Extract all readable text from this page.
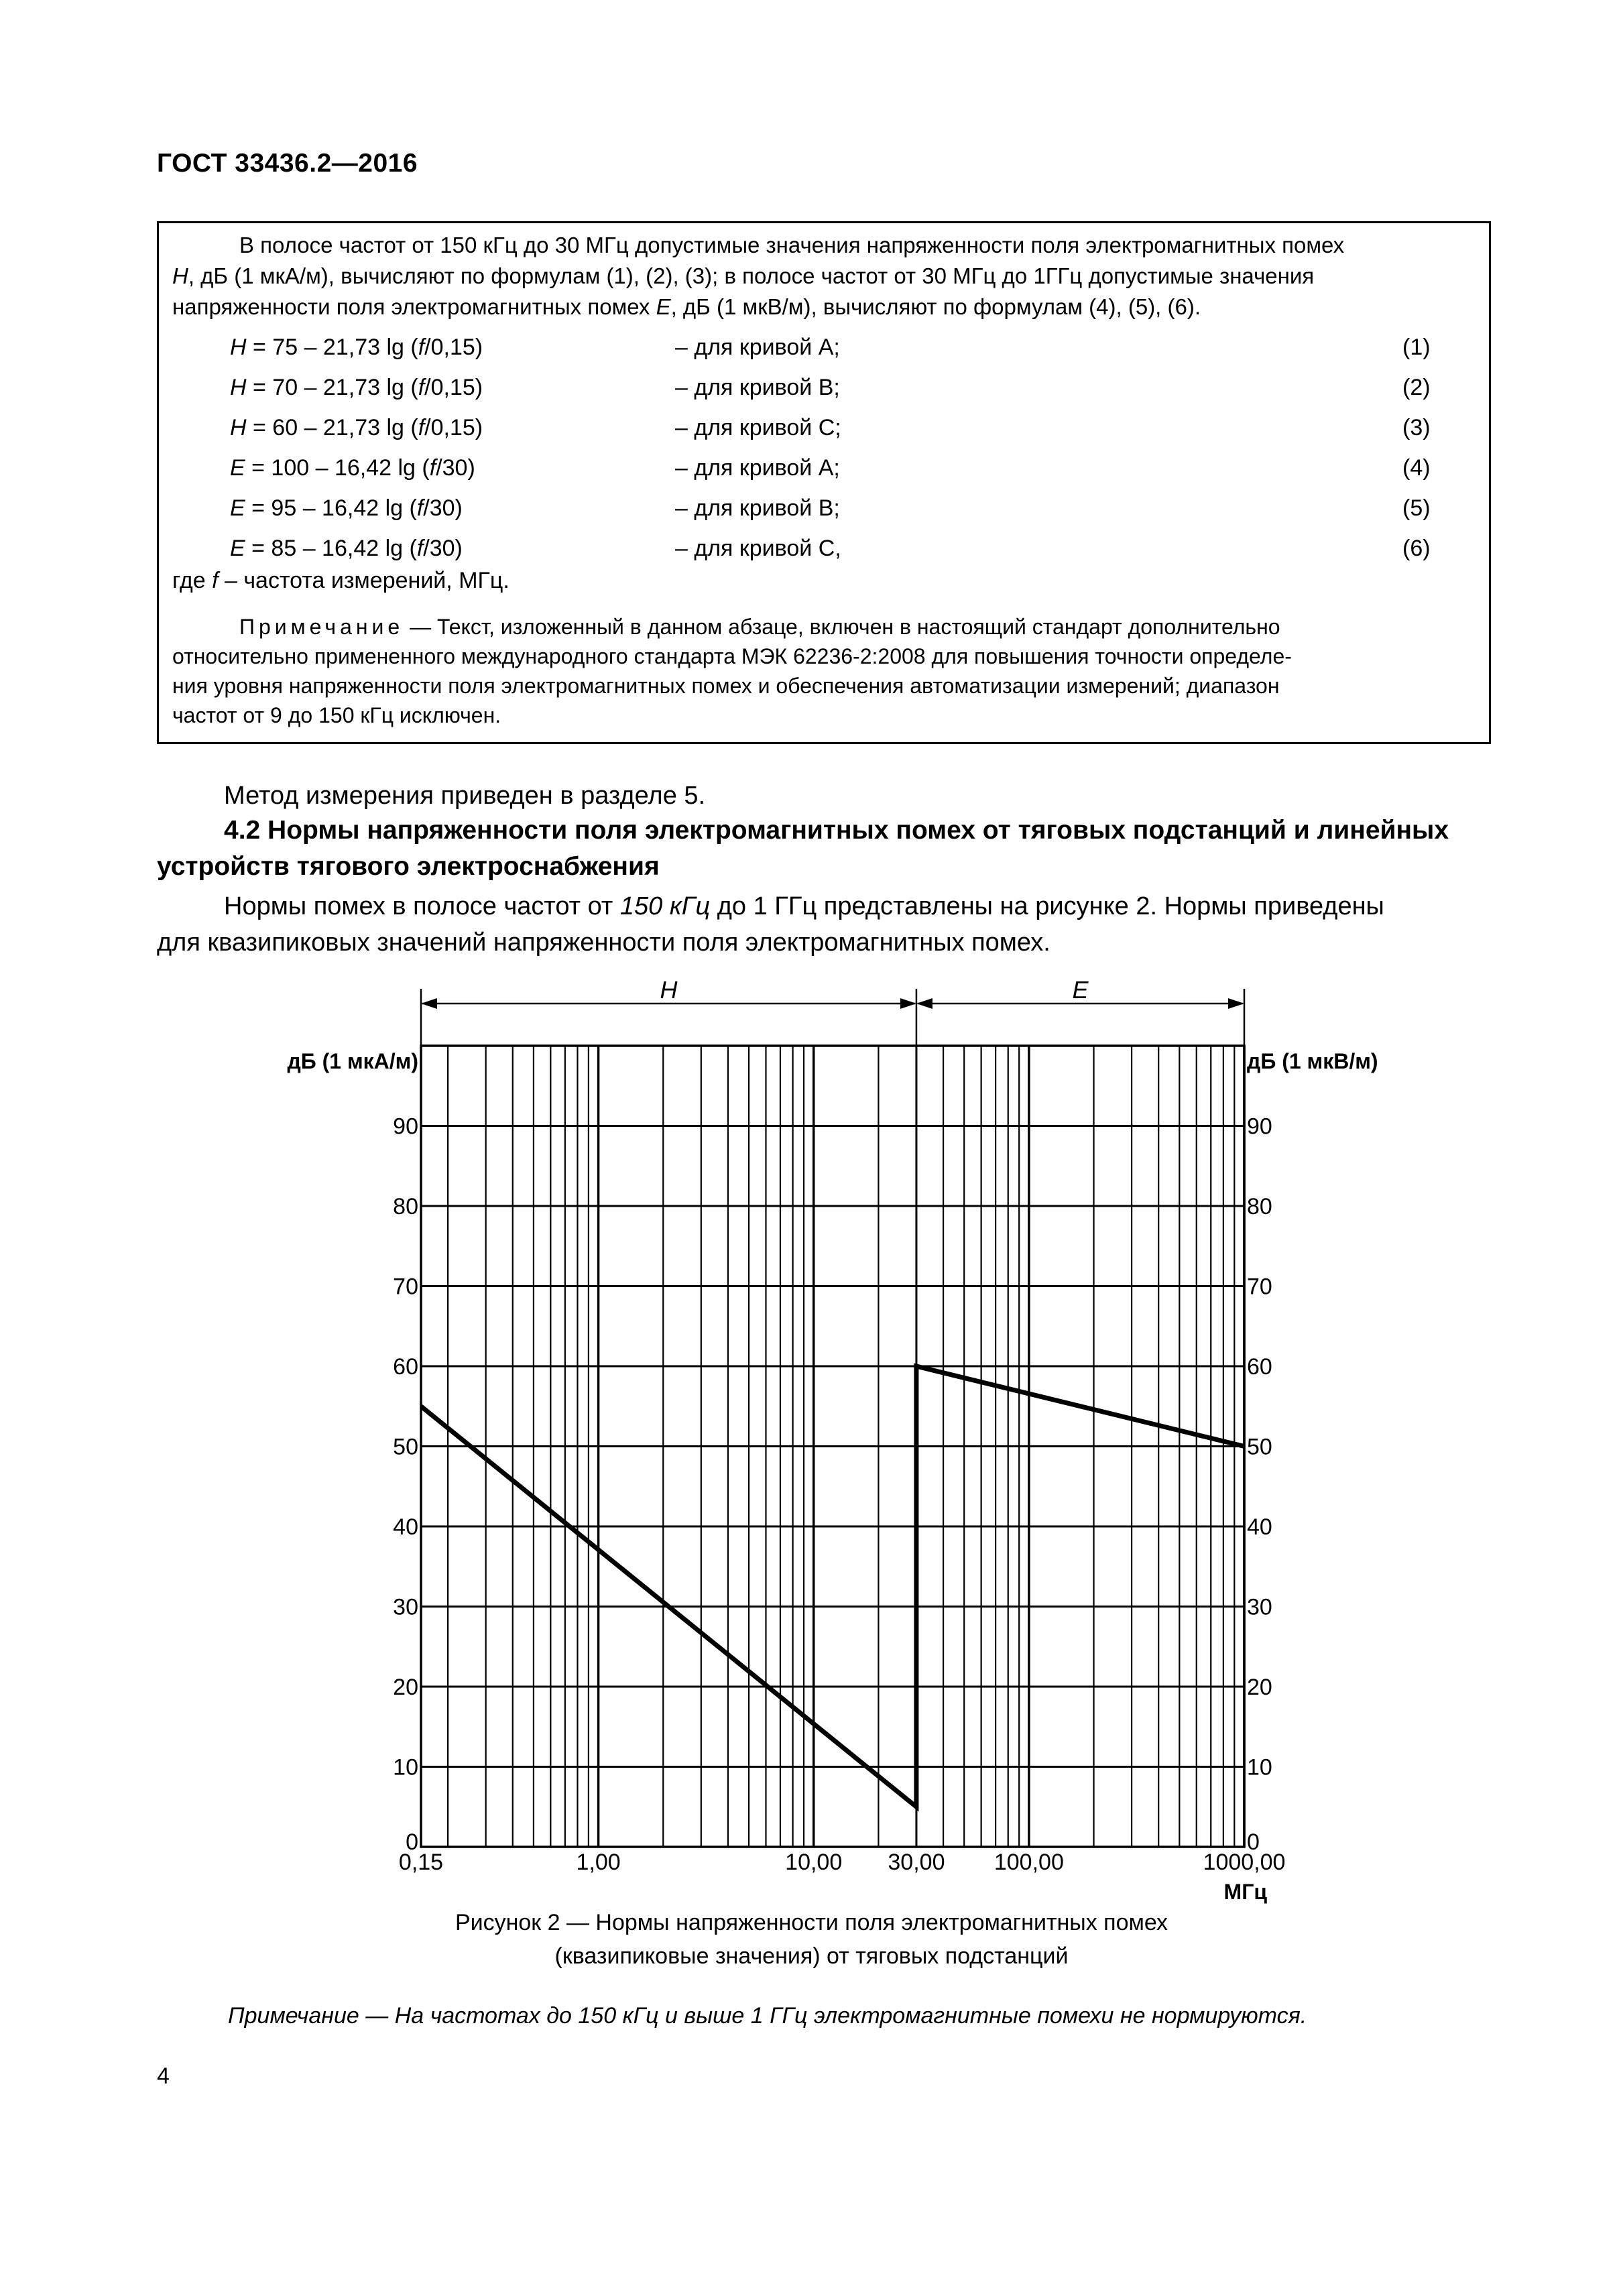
ГОСТ 33436.2—2016

В полосе частот от 150 кГц до 30 МГц допустимые значения напряженности поля электромагнитных помех
H, дБ (1 мкА/м), вычисляют по формулам (1), (2), (3); в полосе частот от 30 МГц до 1ГГц допустимые значения
напряженности поля электромагнитных помех E, дБ (1 мкВ/м), вычисляют по формулам (4), (5), (6).

H = 75 – 21,73 lg (f/0,15)	– для кривой A;	(1)
H = 70 – 21,73 lg (f/0,15)	– для кривой B;	(2)
H = 60 – 21,73 lg (f/0,15)	– для кривой C;	(3)
E = 100 – 16,42 lg (f/30)	– для кривой A;	(4)
E = 95 – 16,42 lg (f/30)	– для кривой B;	(5)
E = 85 – 16,42 lg (f/30)	– для кривой C,	(6)
где f – частота измерений, МГц.
Примечание — Текст, изложенный в данном абзаце, включен в настоящий стандарт дополнительно
относительно примененного международного стандарта МЭК 62236-2:2008 для повышения точности определе-
ния уровня напряженности поля электромагнитных помех и обеспечения автоматизации измерений; диапазон
частот от 9 до 150 кГц исключен.
Метод измерения приведен в разделе 5.
4.2 Нормы напряженности поля электромагнитных помех от тяговых подстанций и линейных
устройств тягового электроснабжения
Нормы помех в полосе частот от 150 кГц до 1 ГГц представлены на рисунке 2. Нормы приведены
для квазипиковых значений напряженности поля электромагнитных помех.
0	0
10	10
20	20
30	30
40	40
50	50
60	60
70	70
80	80
90	90
дБ (1 мкА/м)	дБ (1 мкВ/м)
0,15	1,00	10,00 30,00 100,00	1000,00
МГц
H	E
Рисунок 2 — Нормы напряженности поля электромагнитных помех
(квазипиковые значения) от тяговых подстанций
Примечание — На частотах до 150 кГц и выше 1 ГГц электромагнитные помехи не нормируются.
4
